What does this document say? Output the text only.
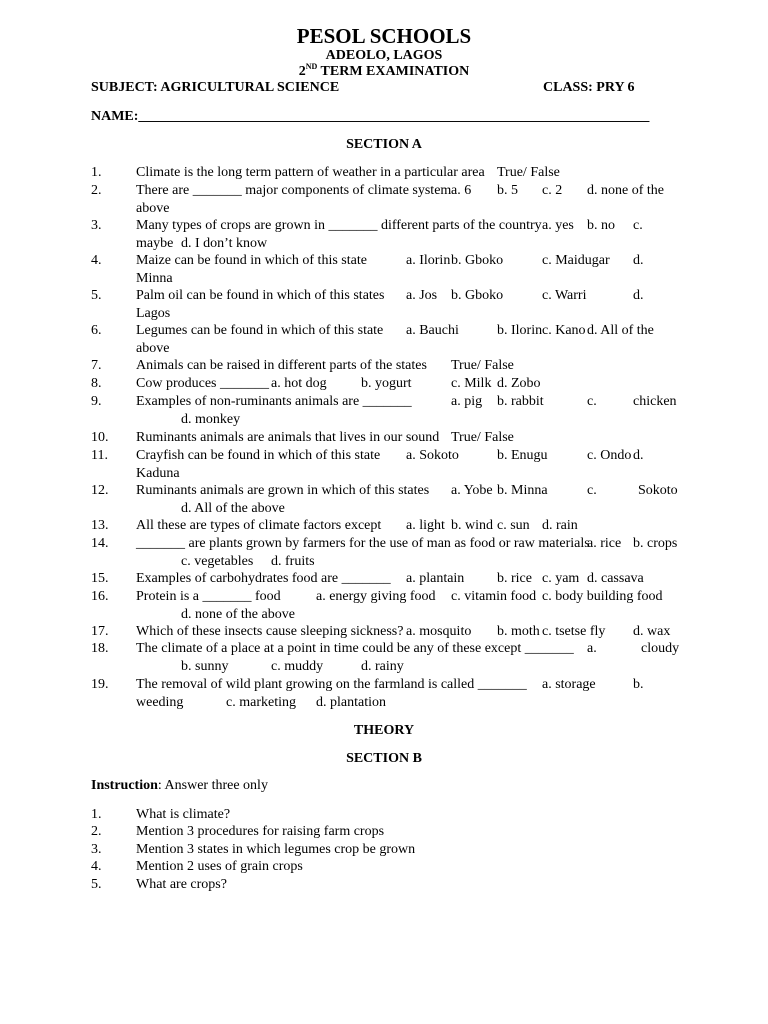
PESOL SCHOOLS
ADEOLO, LAGOS
2ND TERM EXAMINATION
SUBJECT: AGRICULTURAL SCIENCE	CLASS: PRY 6
NAME:_________________________________________________________________________
SECTION A
1. Climate is the long term pattern of weather in a particular area True/ False
2. There are _______ major components of climate system a. 6 b. 5 c. 2 d. none of the
above
3. Many types of crops are grown in _______ different parts of the country a. yes b. no c.
maybe d. I don’t know
4. Maize can be found in which of this state	a. Ilorin b. Gboko	c. Maidugar d.
Minna
5. Palm oil can be found in which of this states a. Jos b. Gboko	c. Warri	d.
Lagos
6. Legumes can be found in which of this state a. Bauchi	b. Ilorin c. Kano d. All of the
above
7. Animals can be raised in different parts of the states True/ False
8. Cow produces _______ a. hot dog b. yogurt	c. Milk d. Zobo
9. Examples of non-ruminants animals are _______	a. pig b. rabbit	c.	chicken
d. monkey
10. Ruminants animals are animals that lives in our sound True/ False
11. Crayfish can be found in which of this state a. Sokoto	b. Enugu	c. Ondo d.
Kaduna
12. Ruminants animals are grown in which of this states a. Yobe b. Minna	c.	Sokoto
d. All of the above
13. All these are types of climate factors except a. light b. wind c. sun d. rain
14. _______ are plants grown by farmers for the use of man as food or raw materials
a. rice b. crops
c. vegetables d. fruits
15. Examples of carbohydrates food are _______ a. plantain b. rice c. yam d. cassava
16. Protein is a _______ food	a. energy giving food c. vitamin food c. body building food
d. none of the above
17. Which of these insects cause sleeping sickness? a. mosquito b. moth c. tsetse fly d. wax
18. The climate of a place at a point in time could be any of these except _______ a.	cloudy
b. sunny	c. muddy	d. rainy
19. The removal of wild plant growing on the farmland is called _______ a. storage	b.
weeding	c. marketing d. plantation
THEORY
SECTION B
Instruction: Answer three only
1. What is climate?
2. Mention 3 procedures for raising farm crops
3. Mention 3 states in which legumes crop be grown
4. Mention 2 uses of grain crops
5. What are crops?
